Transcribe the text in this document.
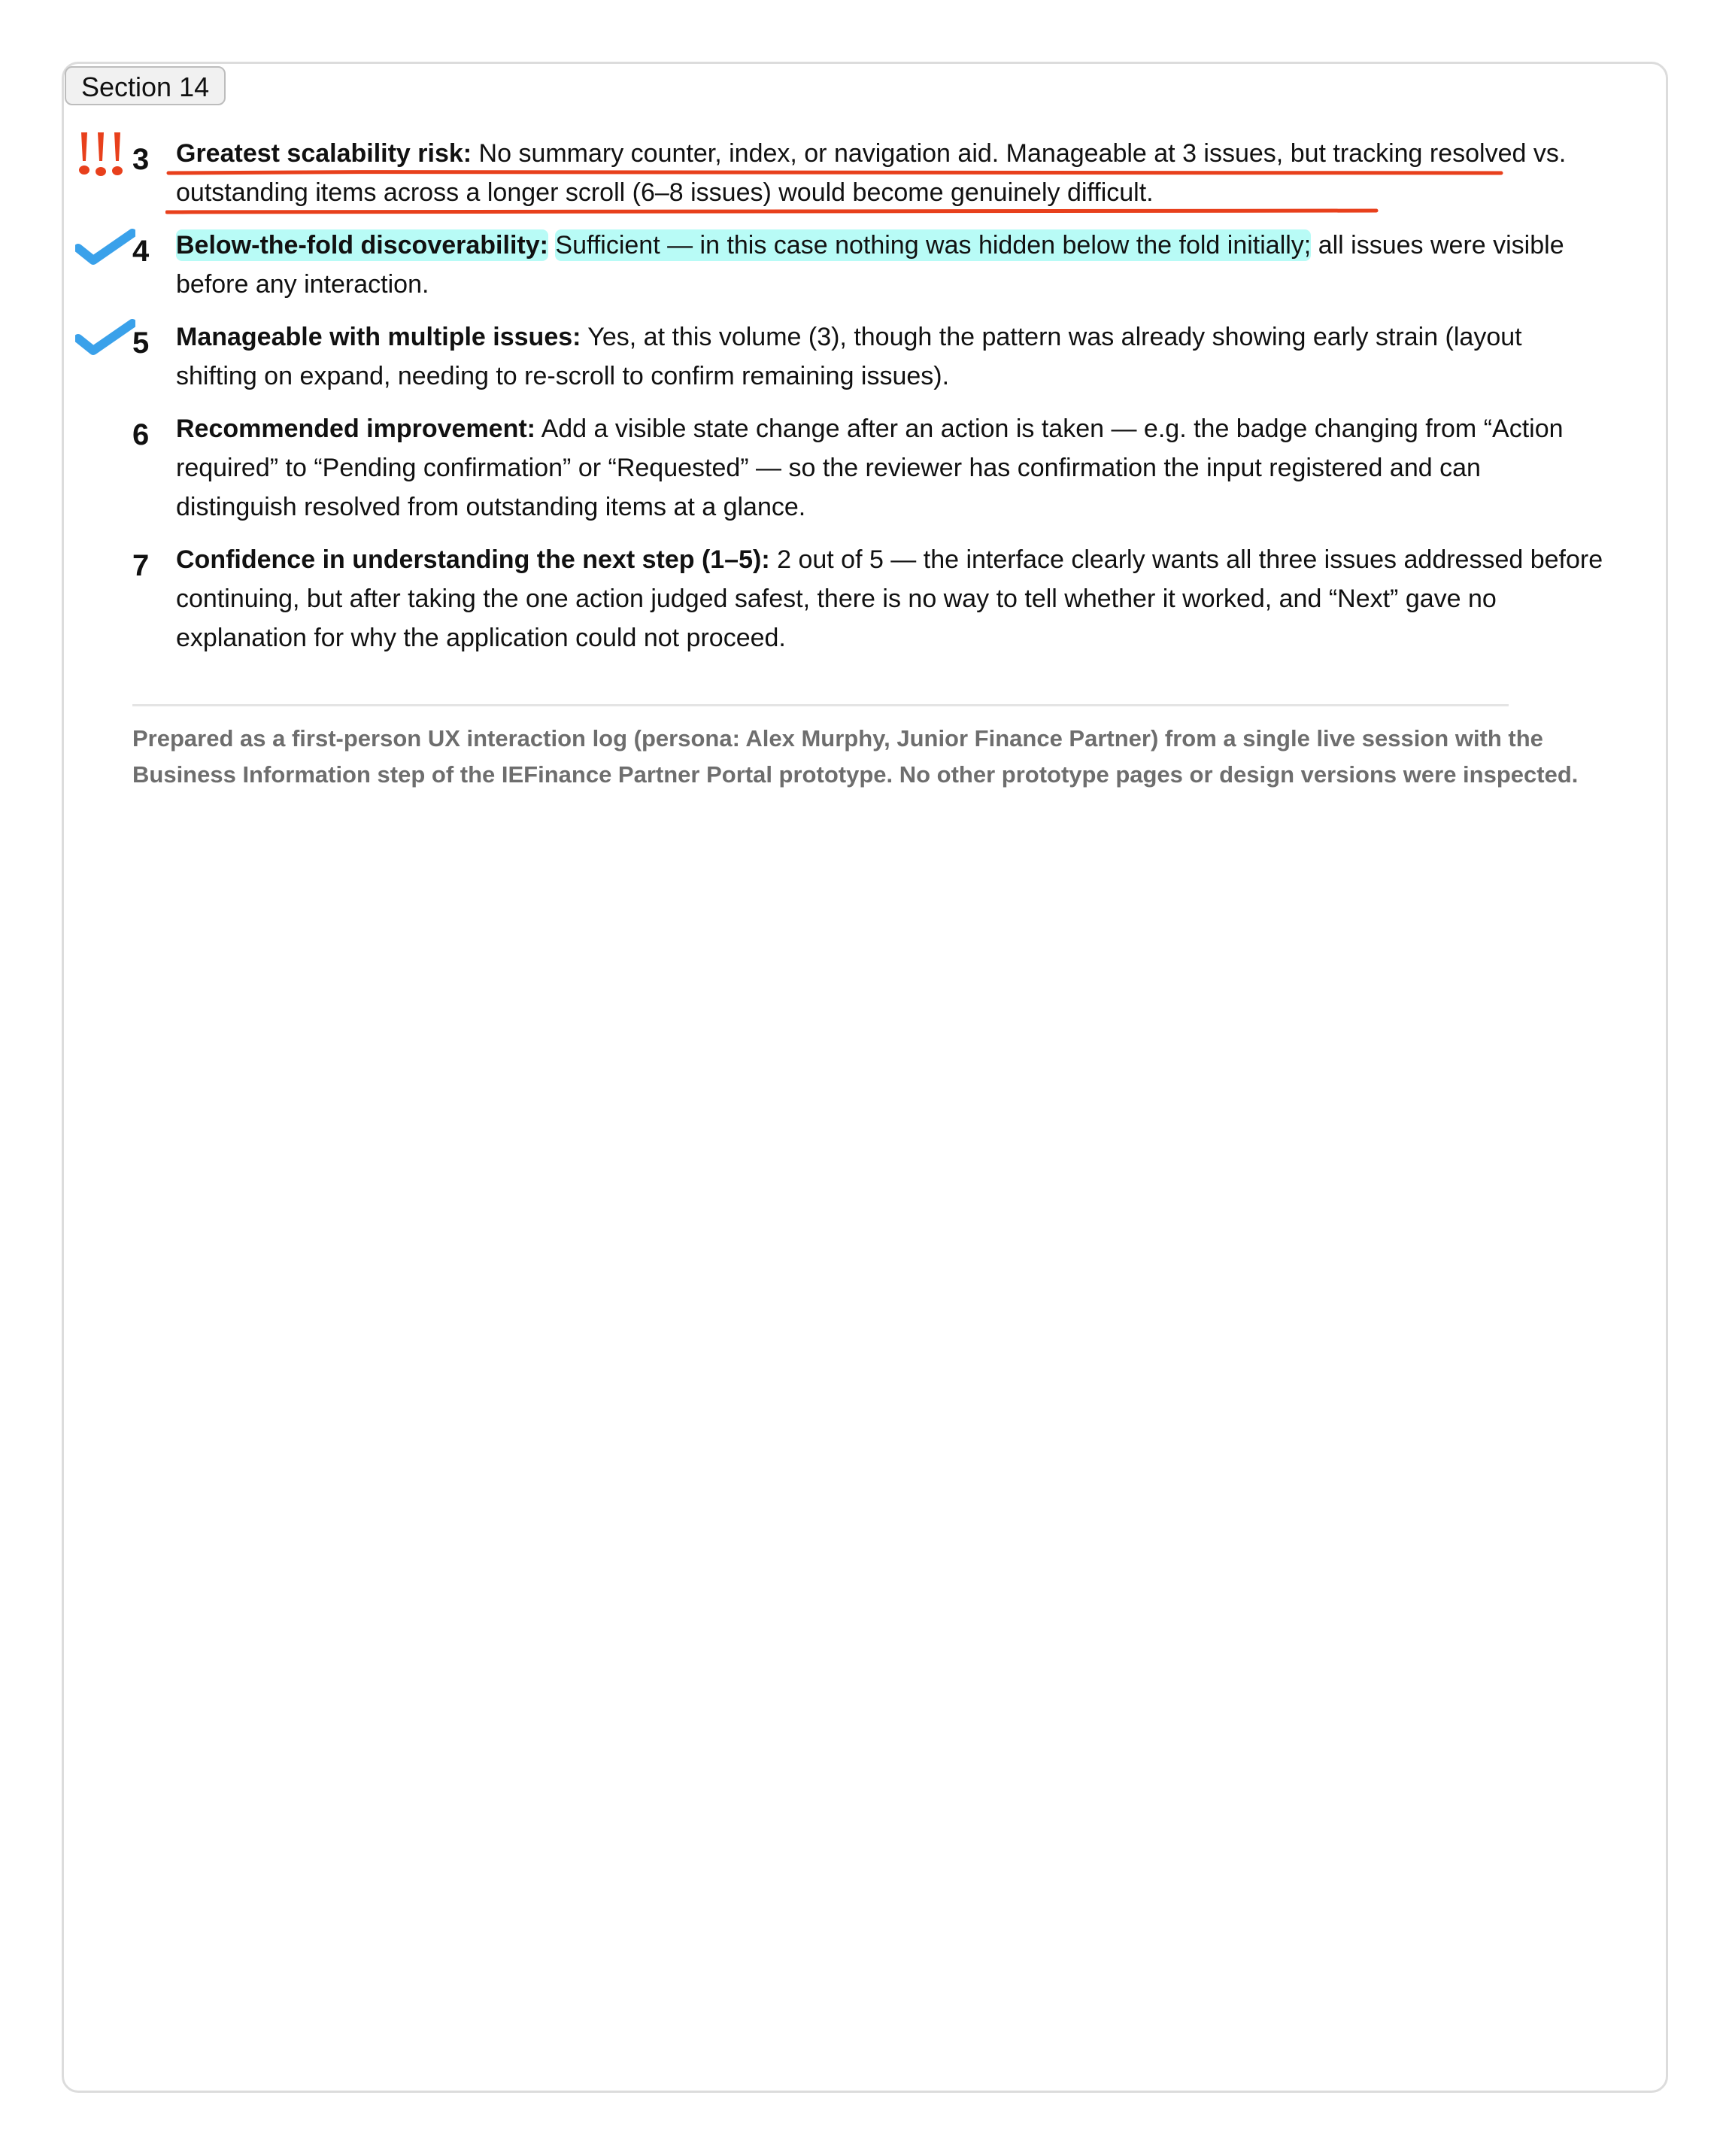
Section 14
3	Greatest scalability risk: No summary counter, index, or navigation aid. Manageable at 3 issues, but tracking resolved vs. outstanding items across a longer scroll (6–8 issues) would become genuinely difficult.
4	Below-the-fold discoverability: Sufficient — in this case nothing was hidden below the fold initially; all issues were visible before any interaction.
5	Manageable with multiple issues: Yes, at this volume (3), though the pattern was already showing early strain (layout shifting on expand, needing to re-scroll to confirm remaining issues).
6	Recommended improvement: Add a visible state change after an action is taken — e.g. the badge changing from “Action required” to “Pending confirmation” or “Requested” — so the reviewer has confirmation the input registered and can distinguish resolved from outstanding items at a glance.
7	Confidence in understanding the next step (1–5): 2 out of 5 — the interface clearly wants all three issues addressed before continuing, but after taking the one action judged safest, there is no way to tell whether it worked, and “Next” gave no explanation for why the application could not proceed.
Prepared as a first-person UX interaction log (persona: Alex Murphy, Junior Finance Partner) from a single live session with the Business Information step of the IEFinance Partner Portal prototype. No other prototype pages or design versions were inspected.
